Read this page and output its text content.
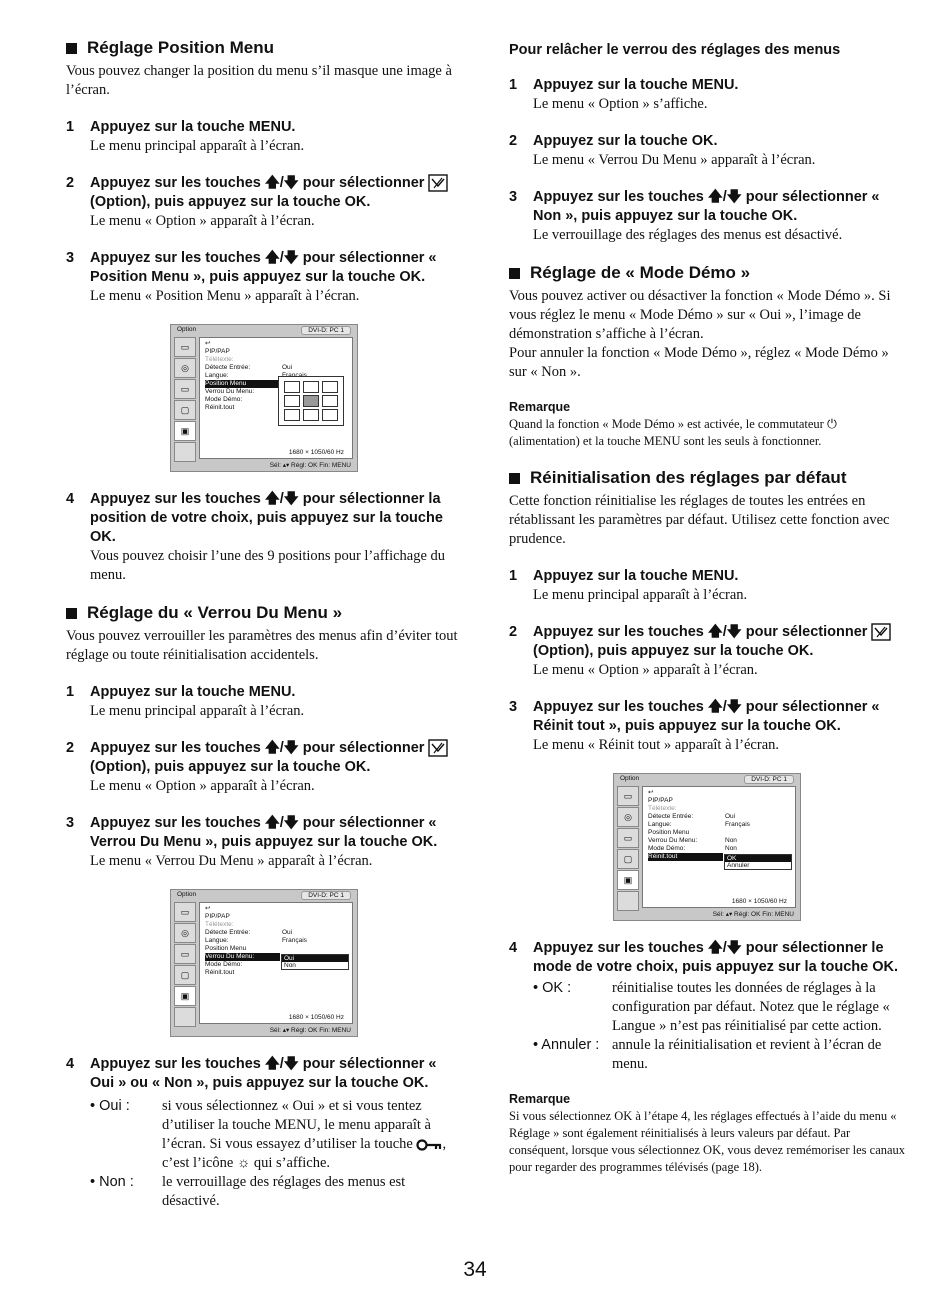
Réglage Position Menu

Vous pouvez changer la position du menu s’il masque une image à l’écran.

1	Appuyez sur la touche MENU.
Le menu principal apparaît à l’écran.
2	Appuyez sur les touches 🡅/🡇 pour sélectionner
(Option), puis appuyez sur la touche OK.
Le menu « Option » apparaît à l’écran.
3	Appuyez sur les touches 🡅/🡇 pour sélectionner « Position Menu », puis appuyez sur la touche OK.
Le menu « Position Menu » apparaît à l’écran.
Option	DVI-D: PC 1
▭
◎
▭
▢
▣
↩
PIP/PAP
Télétexte:
Détecte Entrée:	Oui
Langue:
Position Menu
Verrou Du Menu:
Mode Démo:
Réinit.tout
1680 × 1050/60 Hz
Sél: ▴▾ Régl: OK Fin: MENU
4	Appuyez sur les touches 🡅/🡇 pour sélectionner la position de votre choix, puis appuyez sur la touche OK.
Vous pouvez choisir l’une des 9 positions pour l’affichage du menu.
Réglage du « Verrou Du Menu »

Vous pouvez verrouiller les paramètres des menus afin d’éviter tout réglage ou toute réinitialisation accidentels.

1	Appuyez sur la touche MENU.
Le menu principal apparaît à l’écran.
2	Appuyez sur les touches 🡅/🡇 pour sélectionner
(Option), puis appuyez sur la touche OK.
Le menu « Option » apparaît à l’écran.
3	Appuyez sur les touches 🡅/🡇 pour sélectionner « Verrou Du Menu », puis appuyez sur la touche OK.
Le menu « Verrou Du Menu » apparaît à l’écran.
Option	DVI-D: PC 1
▭
◎
▭
▢
▣
↩
PIP/PAP
Télétexte:
Détecte Entrée:	Oui
Langue:	Français
Position Menu
Verrou Du Menu:
Mode Démo:
Réinit.tout
Oui
Non
1680 × 1050/60 Hz
Sél: ▴▾ Régl: OK Fin: MENU
4	Appuyez sur les touches 🡅/🡇 pour sélectionner « Oui » ou « Non », puis appuyez sur la touche OK.
• Oui :	si vous sélectionnez « Oui » et si vous tentez d’utiliser la touche MENU, le menu apparaît à l’écran. Si vous essayez d’utiliser la touche , c’est l’icône ☼ qui s’affiche.
• Non :	le verrouillage des réglages des menus est désactivé.
Pour relâcher le verrou des réglages des menus
1	Appuyez sur la touche MENU.
Le menu « Option » s’affiche.
2	Appuyez sur la touche OK.
Le menu « Verrou Du Menu » apparaît à l’écran.
3	Appuyez sur les touches 🡅/🡇 pour sélectionner « Non », puis appuyez sur la touche OK.
Le verrouillage des réglages des menus est désactivé.
Réglage de « Mode Démo »

Vous pouvez activer ou désactiver la fonction « Mode Démo ». Si vous réglez le menu « Mode Démo » sur « Oui », l’image de démonstration s’affiche à l’écran.

Pour annuler la fonction « Mode Démo », réglez « Mode Démo » sur « Non ».

Remarque

Quand la fonction « Mode Démo » est activée, le commutateur ⏻ (alimentation) et la touche MENU sont les seuls à fonctionner.

Réinitialisation des réglages par défaut

Cette fonction réinitialise les réglages de toutes les entrées en rétablissant les paramètres par défaut. Utilisez cette fonction avec prudence.

1	Appuyez sur la touche MENU.
Le menu principal apparaît à l’écran.
2	Appuyez sur les touches 🡅/🡇 pour sélectionner
(Option), puis appuyez sur la touche OK.
Le menu « Option » apparaît à l’écran.
3	Appuyez sur les touches 🡅/🡇 pour sélectionner « Réinit tout », puis appuyez sur la touche OK.
Le menu « Réinit tout » apparaît à l’écran.
Option	DVI-D: PC 1
▭
◎
▭
▢
▣
↩
PIP/PAP
Télétexte:
Détecte Entrée:	Oui
Langue:	Français
Position Menu
Verrou Du Menu:	Non
Mode Démo:	Non
Réinit.tout	OK
Annuler
1680 × 1050/60 Hz
Sél: ▴▾ Régl: OK Fin: MENU
4	Appuyez sur les touches 🡅/🡇 pour sélectionner le mode de votre choix, puis appuyez sur la touche OK.
• OK :	réinitialise toutes les données de réglages à la configuration par défaut. Notez que le réglage « Langue » n’est pas réinitialisé par cette action.
• Annuler : annule la réinitialisation et revient à l’écran de menu.
Remarque

Si vous sélectionnez OK à l’étape 4, les réglages effectués à l’aide du menu « Réglage » sont également réinitialisés à leurs valeurs par défaut. Par conséquent, lorsque vous sélectionnez OK, vous devez remémoriser les canaux pour regarder des programmes télévisés (page 18).

34
